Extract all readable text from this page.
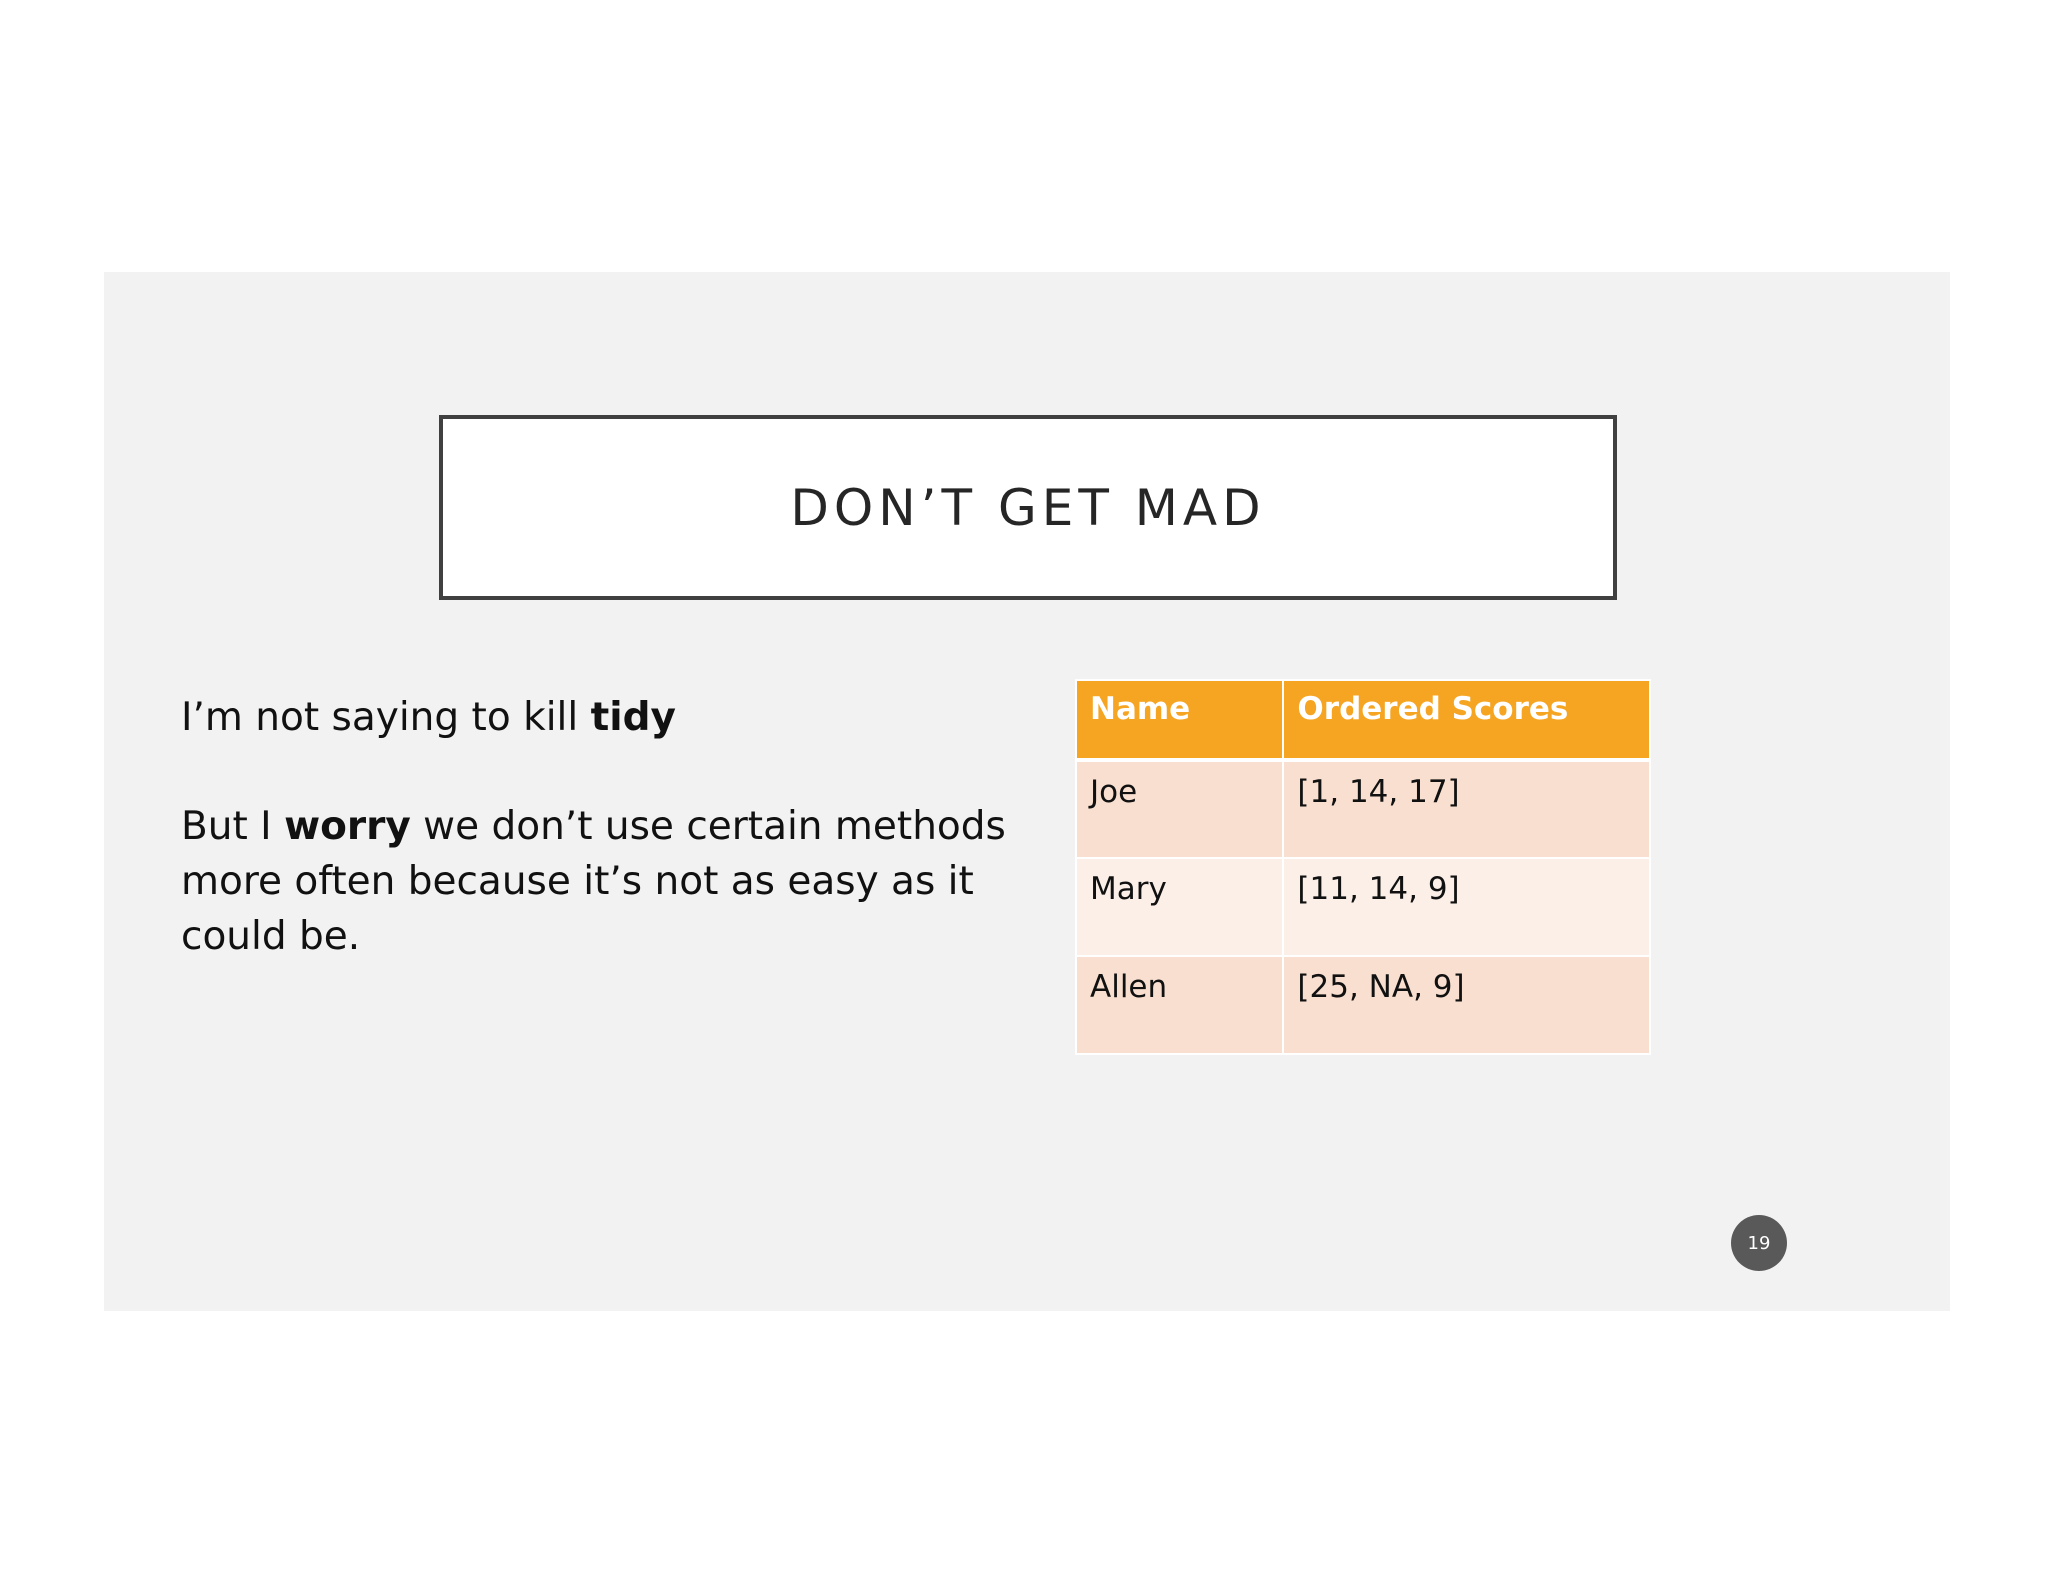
DON’T GET MAD

I’m not saying to kill tidy

But I worry we don’t use certain methods more often because it’s not as easy as it could be.

Name	Ordered Scores
Joe	[1, 14, 17]
Mary	[11, 14, 9]
Allen	[25, NA, 9]
19
